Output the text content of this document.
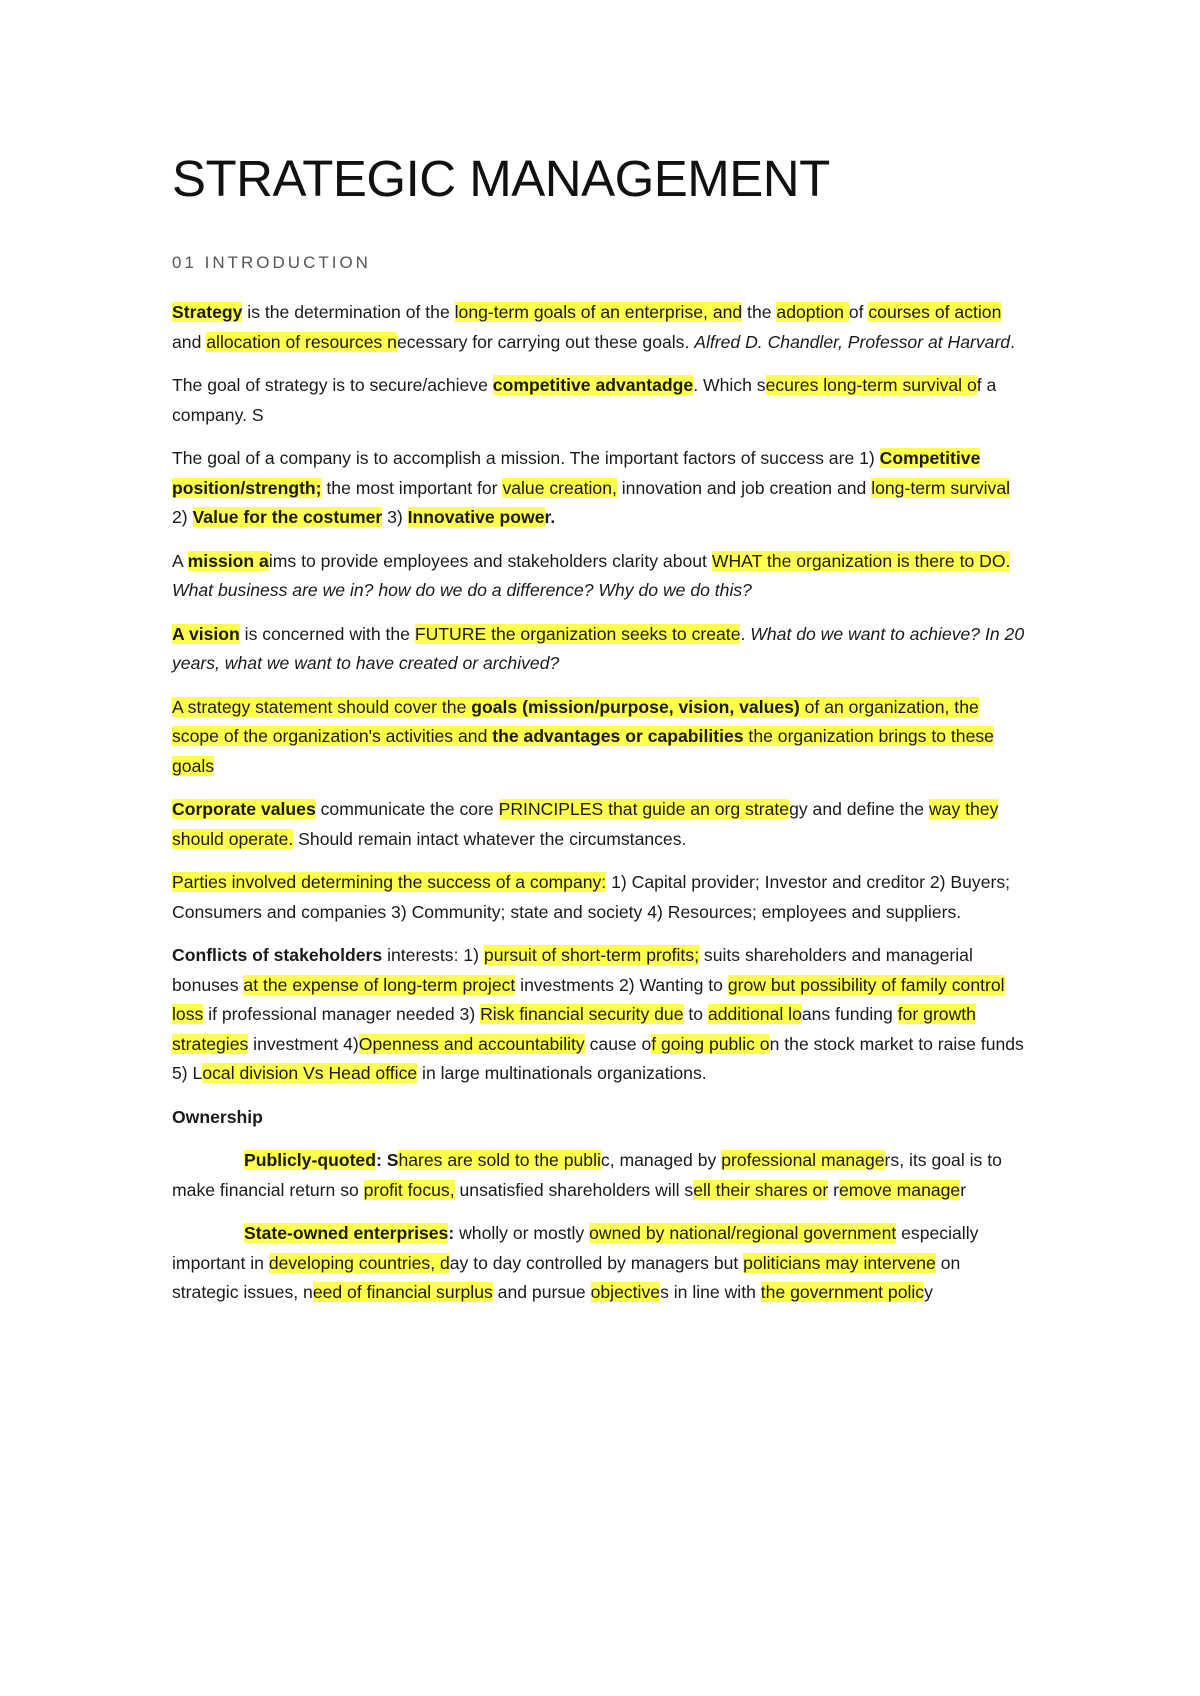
STRATEGIC MANAGEMENT
01 INTRODUCTION

Strategy is the determination of the long-term goals of an enterprise, and the adoption of courses of action and allocation of resources necessary for carrying out these goals. Alfred D. Chandler, Professor at Harvard.

The goal of strategy is to secure/achieve competitive advantadge. Which secures long-term survival of a company. S

The goal of a company is to accomplish a mission. The important factors of success are 1) Competitive position/strength; the most important for value creation, innovation and job creation and long-term survival 2) Value for the costumer 3) Innovative power.

A mission aims to provide employees and stakeholders clarity about WHAT the organization is there to DO. What business are we in? how do we do a difference? Why do we do this?

A vision is concerned with the FUTURE the organization seeks to create. What do we want to achieve? In 20 years, what we want to have created or archived?

A strategy statement should cover the goals (mission/purpose, vision, values) of an organization, the scope of the organization's activities and the advantages or capabilities the organization brings to these goals

Corporate values communicate the core PRINCIPLES that guide an org strategy and define the way they should operate. Should remain intact whatever the circumstances.

Parties involved determining the success of a company: 1) Capital provider; Investor and creditor 2) Buyers; Consumers and companies 3) Community; state and society 4) Resources; employees and suppliers.

Conflicts of stakeholders interests: 1) pursuit of short-term profits; suits shareholders and managerial bonuses at the expense of long-term project investments 2) Wanting to grow but possibility of family control loss if professional manager needed 3) Risk financial security due to additional loans funding for growth strategies investment 4)Openness and accountability cause of going public on the stock market to raise funds 5) Local division Vs Head office in large multinationals organizations.

Ownership

Publicly-quoted: Shares are sold to the public, managed by professional managers, its goal is to make financial return so profit focus, unsatisfied shareholders will sell their shares or remove manager

State-owned enterprises: wholly or mostly owned by national/regional government especially important in developing countries, day to day controlled by managers but politicians may intervene on strategic issues, need of financial surplus and pursue objectives in line with the government policy
